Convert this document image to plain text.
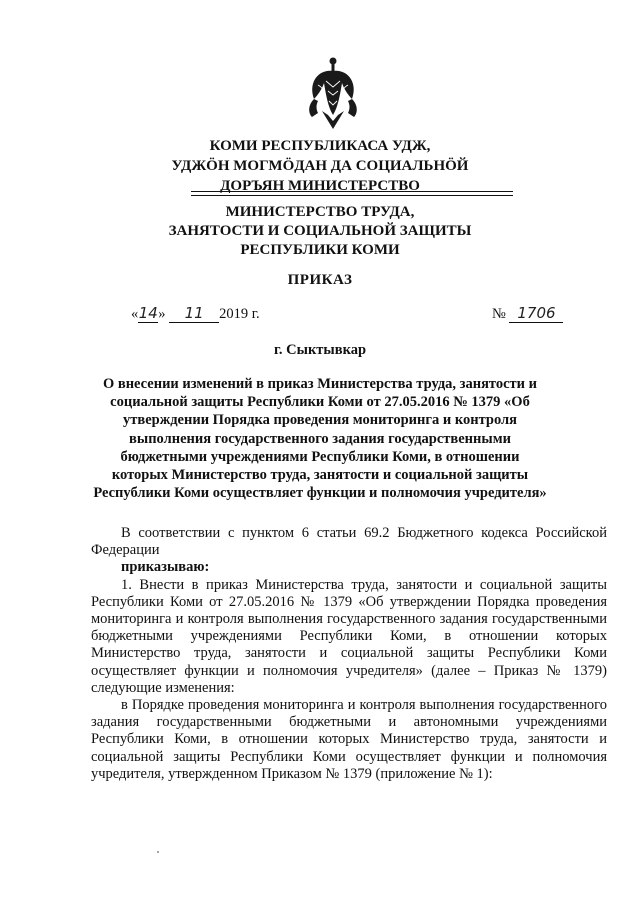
КОМИ РЕСПУБЛИКАСА УДЖ,
УДЖÖН МОГМÖДАН ДА СОЦИАЛЬНÖЙ
ДОРЪЯН МИНИСТЕРСТВО
МИНИСТЕРСТВО ТРУДА,
ЗАНЯТОСТИ И СОЦИАЛЬНОЙ ЗАЩИТЫ
РЕСПУБЛИКИ КОМИ
ПРИКАЗ
«14» 11 2019 г.	№ 1706
г. Сыктывкар
О внесении изменений в приказ Министерства труда, занятости и социальной защиты Республики Коми от 27.05.2016 № 1379 «Об утверждении Порядка проведения мониторинга и контроля выполнения государственного задания государственными бюджетными учреждениями Республики Коми, в отношении которых Министерство труда, занятости и социальной защиты Республики Коми осуществляет функции и полномочия учредителя»

В соответствии с пунктом 6 статьи 69.2 Бюджетного кодекса Российской Федерации

приказываю:

1. Внести в приказ Министерства труда, занятости и социальной защиты Республики Коми от 27.05.2016 № 1379 «Об утверждении Порядка проведения мониторинга и контроля выполнения государственного задания государственными бюджетными учреждениями Республики Коми, в отношении которых Министерство труда, занятости и социальной защиты Республики Коми осуществляет функции и полномочия учредителя» (далее – Приказ № 1379) следующие изменения:

в Порядке проведения мониторинга и контроля выполнения государственного задания государственными бюджетными и автономными учреждениями Республики Коми, в отношении которых Министерство труда, занятости и социальной защиты Республики Коми осуществляет функции и полномочия учредителя, утвержденном Приказом № 1379 (приложение № 1):
